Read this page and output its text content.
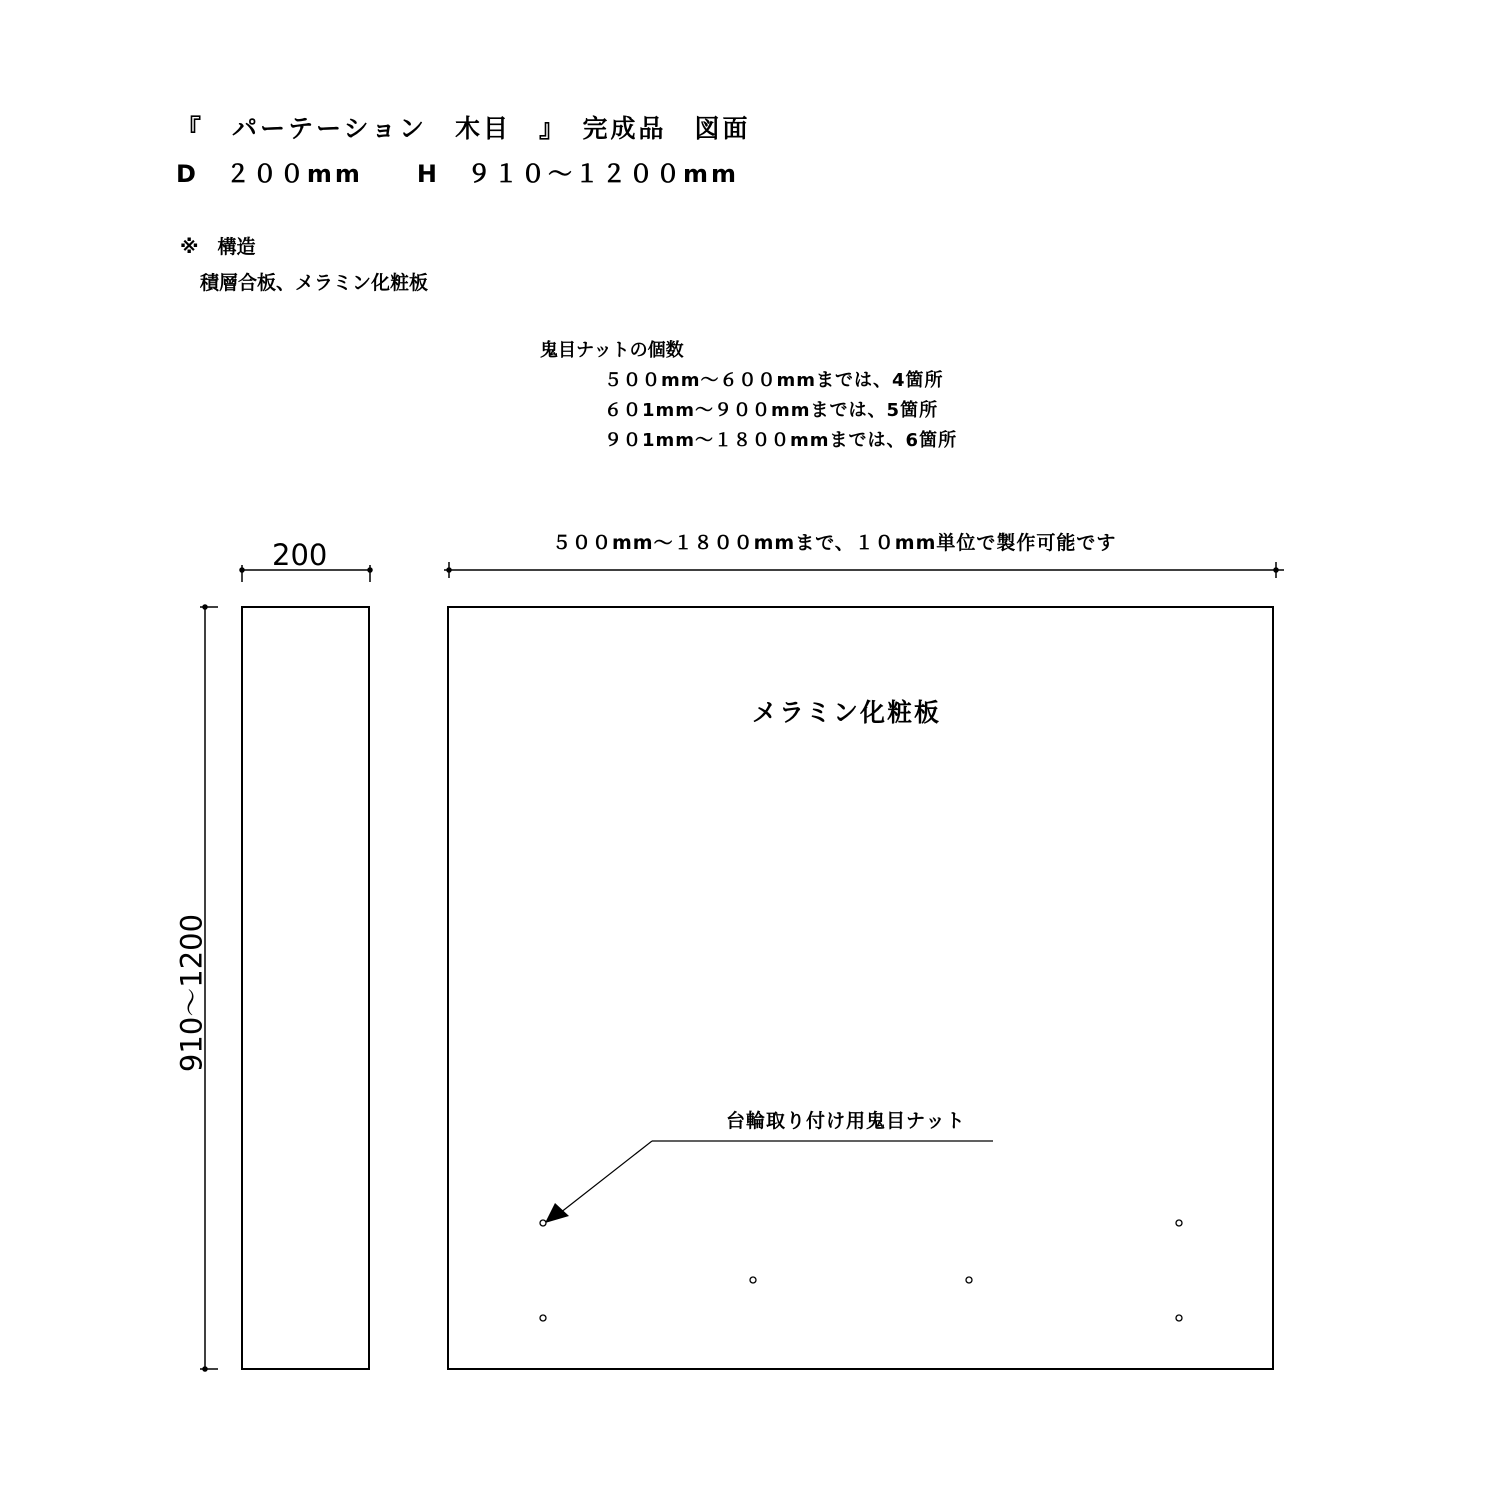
『　パーテーション　木目　』　完成品　図面
D　２００mm　　H　９１０〜１２００mm
※　構造
積層合板、メラミン化粧板
鬼目ナットの個数
５００mm〜６００mmまでは、4箇所
６０1mm〜９００mmまでは、5箇所
９０1mm〜１８００mmまでは、6箇所
５００mm〜１８００mmまで、１０mm単位で製作可能です
200
910〜1200
メラミン化粧板
台輪取り付け用鬼目ナット
